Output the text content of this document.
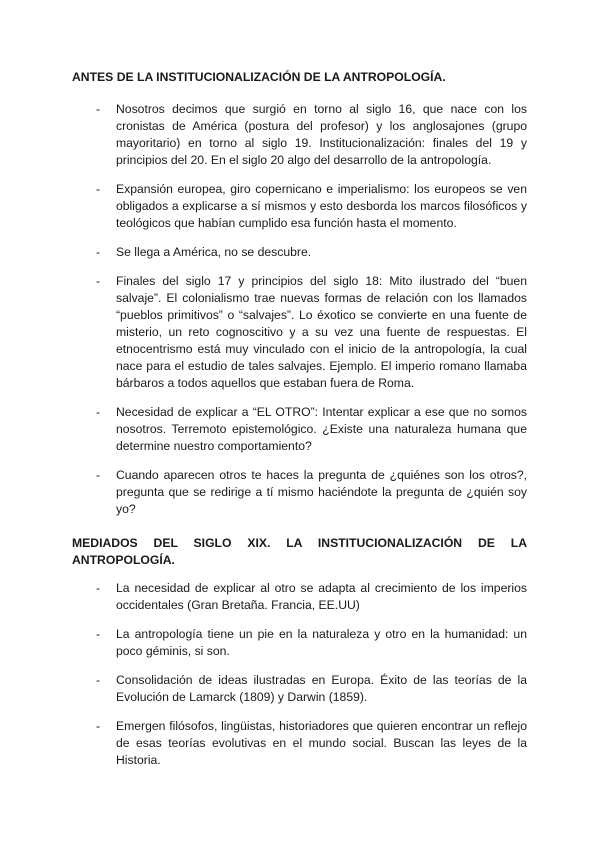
ANTES DE LA INSTITUCIONALIZACIÓN DE LA ANTROPOLOGÍA.
- Nosotros decimos que surgió en torno al siglo 16, que nace con los cronistas de América (postura del profesor) y los anglosajones (grupo mayoritario) en torno al siglo 19. Institucionalización: finales del 19 y principios del 20. En el siglo 20 algo del desarrollo de la antropología.
- Expansión europea, giro copernicano e imperialismo: los europeos se ven obligados a explicarse a sí mismos y esto desborda los marcos filosóficos y teológicos que habían cumplido esa función hasta el momento.
- Se llega a América, no se descubre.
- Finales del siglo 17 y principios del siglo 18: Mito ilustrado del “buen salvaje”. El colonialismo trae nuevas formas de relación con los llamados “pueblos primitivos” o “salvajes”. Lo éxotico se convierte en una fuente de misterio, un reto cognoscitivo y a su vez una fuente de respuestas. El etnocentrismo está muy vinculado con el inicio de la antropología, la cual nace para el estudio de tales salvajes. Ejemplo. El imperio romano llamaba bárbaros a todos aquellos que estaban fuera de Roma.
- Necesidad de explicar a “EL OTRO”: Intentar explicar a ese que no somos nosotros. Terremoto epistemológico. ¿Existe una naturaleza humana que determine nuestro comportamiento?
- Cuando aparecen otros te haces la pregunta de ¿quiénes son los otros?, pregunta que se redirige a tí mismo haciéndote la pregunta de ¿quién soy yo?
MEDIADOS DEL SIGLO XIX. LA INSTITUCIONALIZACIÓN DE LA ANTROPOLOGÍA.
- La necesidad de explicar al otro se adapta al crecimiento de los imperios occidentales (Gran Bretaña. Francia, EE.UU)
- La antropología tiene un pie en la naturaleza y otro en la humanidad: un poco géminis, si son.
- Consolidación de ideas ilustradas en Europa. Éxito de las teorías de la Evolución de Lamarck (1809) y Darwin (1859).
- Emergen filósofos, lingüistas, historiadores que quieren encontrar un reflejo de esas teorías evolutivas en el mundo social. Buscan las leyes de la Historia.
